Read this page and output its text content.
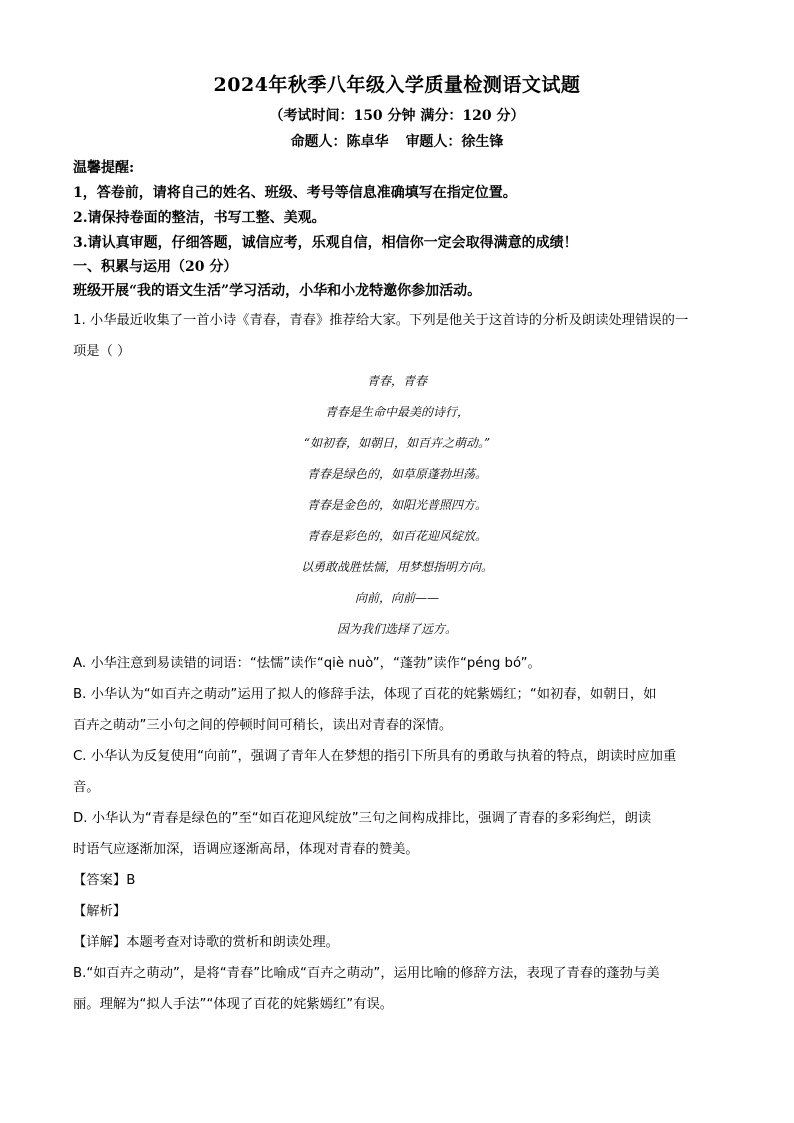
2024年秋季八年级入学质量检测语文试题
（考试时间：150 分钟 满分：120 分）
命题人：陈卓华 审题人：徐生锋
温馨提醒:
1，答卷前，请将自己的姓名、班级、考号等信息准确填写在指定位置。
2.请保持卷面的整洁，书写工整、美观。
3.请认真审题，仔细答题，诚信应考，乐观自信，相信你一定会取得满意的成绩！
一、积累与运用（20 分）
班级开展“我的语文生活”学习活动，小华和小龙特邀你参加活动。
1. 小华最近收集了一首小诗《青春，青春》推荐给大家。下列是他关于这首诗的分析及朗读处理错误的一
项是（ ）
青春，青春
青春是生命中最美的诗行，
“如初春，如朝日，如百卉之萌动。”
青春是绿色的，如草原蓬勃坦荡。
青春是金色的，如阳光普照四方。
青春是彩色的，如百花迎风绽放。
以勇敢战胜怯懦，用梦想指明方向。
向前，向前——
因为我们选择了远方。
A. 小华注意到易读错的词语：“怯懦”读作“qiè nuò”，“蓬勃”读作“péng bó”。
B. 小华认为“如百卉之萌动”运用了拟人的修辞手法，体现了百花的姹紫嫣红；“如初春，如朝日，如
百卉之萌动”三小句之间的停顿时间可稍长，读出对青春的深情。
C. 小华认为反复使用“向前”，强调了青年人在梦想的指引下所具有的勇敢与执着的特点，朗读时应加重
音。
D. 小华认为“青春是绿色的”至“如百花迎风绽放”三句之间构成排比，强调了青春的多彩绚烂，朗读
时语气应逐渐加深，语调应逐渐高昂，体现对青春的赞美。
【答案】B
【解析】
【详解】本题考查对诗歌的赏析和朗读处理。
B.“如百卉之萌动”，是将“青春”比喻成“百卉之萌动”，运用比喻的修辞方法，表现了青春的蓬勃与美
丽。理解为“拟人手法”“体现了百花的姹紫嫣红”有误。
